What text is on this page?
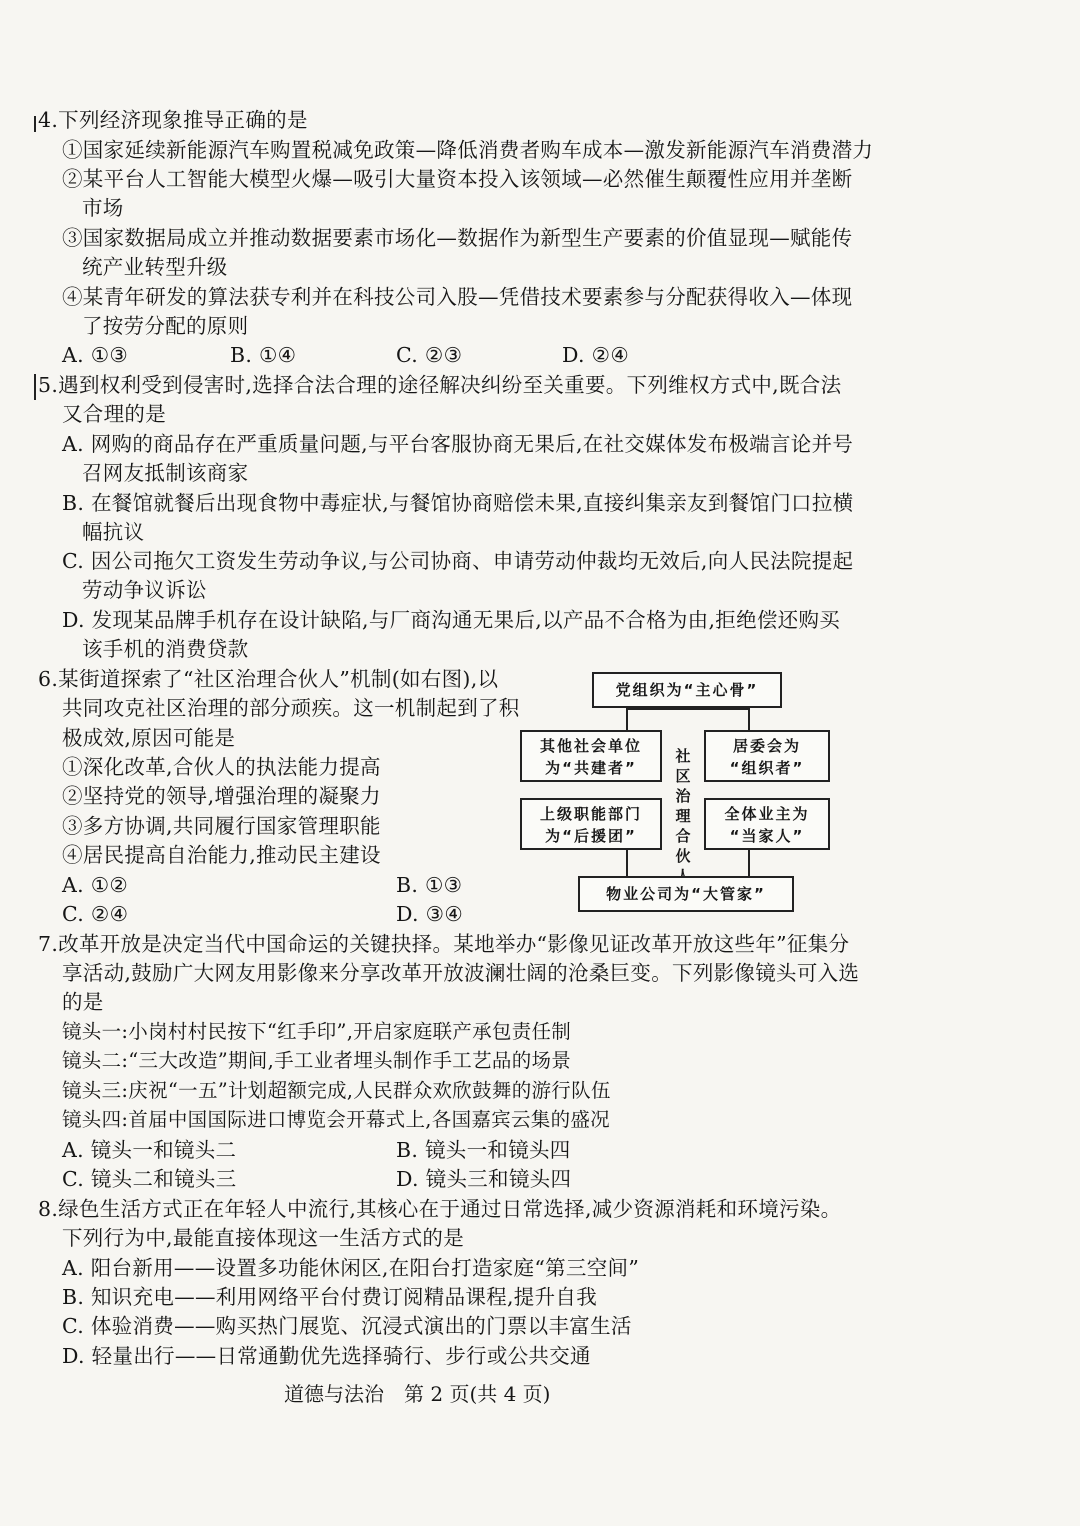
4.下列经济现象推导正确的是
①国家延续新能源汽车购置税减免政策—降低消费者购车成本—激发新能源汽车消费潜力
②某平台人工智能大模型火爆—吸引大量资本投入该领域—必然催生颠覆性应用并垄断
市场
③国家数据局成立并推动数据要素市场化—数据作为新型生产要素的价值显现—赋能传
统产业转型升级
④某青年研发的算法获专利并在科技公司入股—凭借技术要素参与分配获得收入—体现
了按劳分配的原则
A. ①③	B. ①④	C. ②③	D. ②④
5.遇到权利受到侵害时,选择合法合理的途径解决纠纷至关重要。下列维权方式中,既合法
又合理的是
A. 网购的商品存在严重质量问题,与平台客服协商无果后,在社交媒体发布极端言论并号
召网友抵制该商家
B. 在餐馆就餐后出现食物中毒症状,与餐馆协商赔偿未果,直接纠集亲友到餐馆门口拉横
幅抗议
C. 因公司拖欠工资发生劳动争议,与公司协商、申请劳动仲裁均无效后,向人民法院提起
劳动争议诉讼
D. 发现某品牌手机存在设计缺陷,与厂商沟通无果后,以产品不合格为由,拒绝偿还购买
该手机的消费贷款
6.某街道探索了“社区治理合伙人”机制(如右图),以
共同攻克社区治理的部分顽疾。这一机制起到了积
极成效,原因可能是
①深化改革,合伙人的执法能力提高
②坚持党的领导,增强治理的凝聚力
③多方协调,共同履行国家管理职能
④居民提高自治能力,推动民主建设
A. ①②	B. ①③
C. ②④	D. ③④
党组织为“主心骨”
其他社会单位
为“共建者”
居委会为
“组织者”
上级职能部门
为“后援团”
全体业主为
“当家人”
社
区
治
理
合
伙
物业公司为“大管家”
7.改革开放是决定当代中国命运的关键抉择。某地举办“影像见证改革开放这些年”征集分
享活动,鼓励广大网友用影像来分享改革开放波澜壮阔的沧桑巨变。下列影像镜头可入选
的是
镜头一:小岗村村民按下“红手印”,开启家庭联产承包责任制
镜头二:“三大改造”期间,手工业者埋头制作手工艺品的场景
镜头三:庆祝“一五”计划超额完成,人民群众欢欣鼓舞的游行队伍
镜头四:首届中国国际进口博览会开幕式上,各国嘉宾云集的盛况
A. 镜头一和镜头二	B. 镜头一和镜头四
C. 镜头二和镜头三	D. 镜头三和镜头四
8.绿色生活方式正在年轻人中流行,其核心在于通过日常选择,减少资源消耗和环境污染。
下列行为中,最能直接体现这一生活方式的是
A. 阳台新用——设置多功能休闲区,在阳台打造家庭“第三空间”
B. 知识充电——利用网络平台付费订阅精品课程,提升自我
C. 体验消费——购买热门展览、沉浸式演出的门票以丰富生活
D. 轻量出行——日常通勤优先选择骑行、步行或公共交通
道德与法治　第 2 页(共 4 页)
